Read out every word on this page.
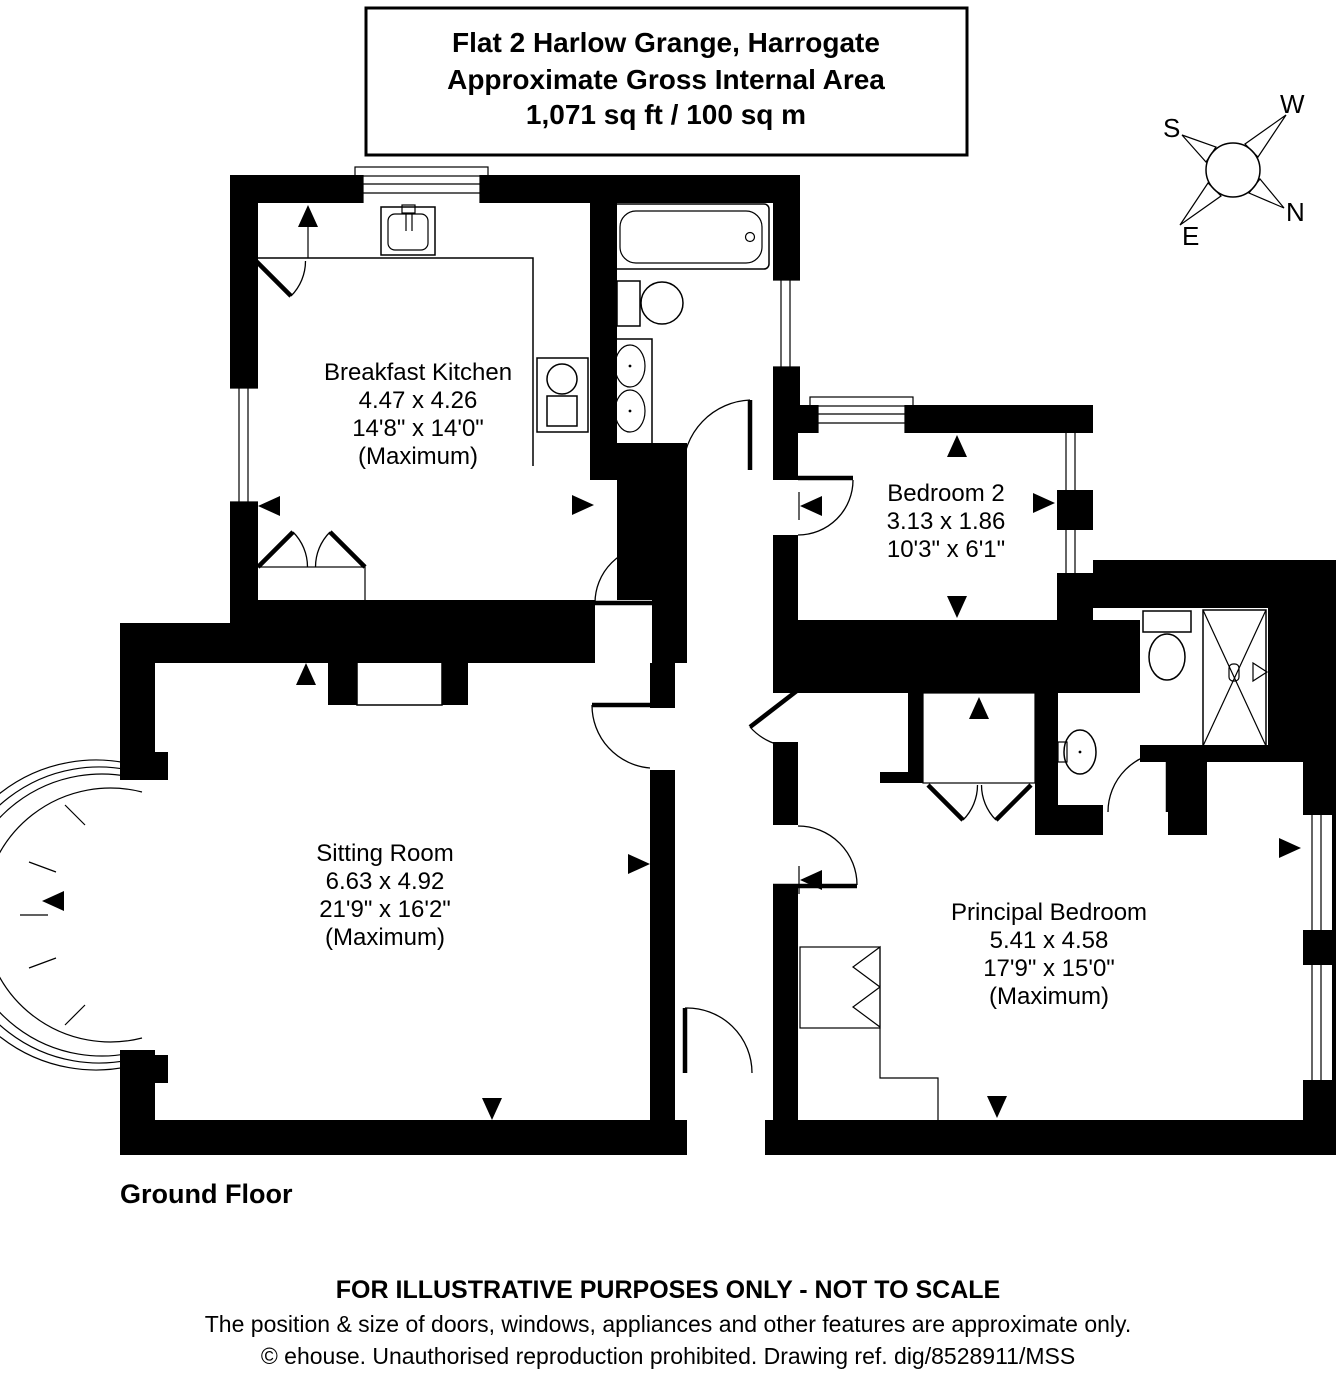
W
S
E
N
Flat 2 Harlow Grange, Harrogate
Approximate Gross Internal Area
1,071 sq ft / 100 sq m
Breakfast Kitchen
4.47 x 4.26
14'8" x 14'0"
(Maximum)
Bedroom 2
3.13 x 1.86
10'3" x 6'1"
Sitting Room
6.63 x 4.92
21'9" x 16'2"
(Maximum)
Principal Bedroom
5.41 x 4.58
17'9" x 15'0"
(Maximum)
Ground Floor
FOR ILLUSTRATIVE PURPOSES ONLY - NOT TO SCALE
The position & size of doors, windows, appliances and other features are approximate only.
© ehouse. Unauthorised reproduction prohibited. Drawing ref. dig/8528911/MSS
